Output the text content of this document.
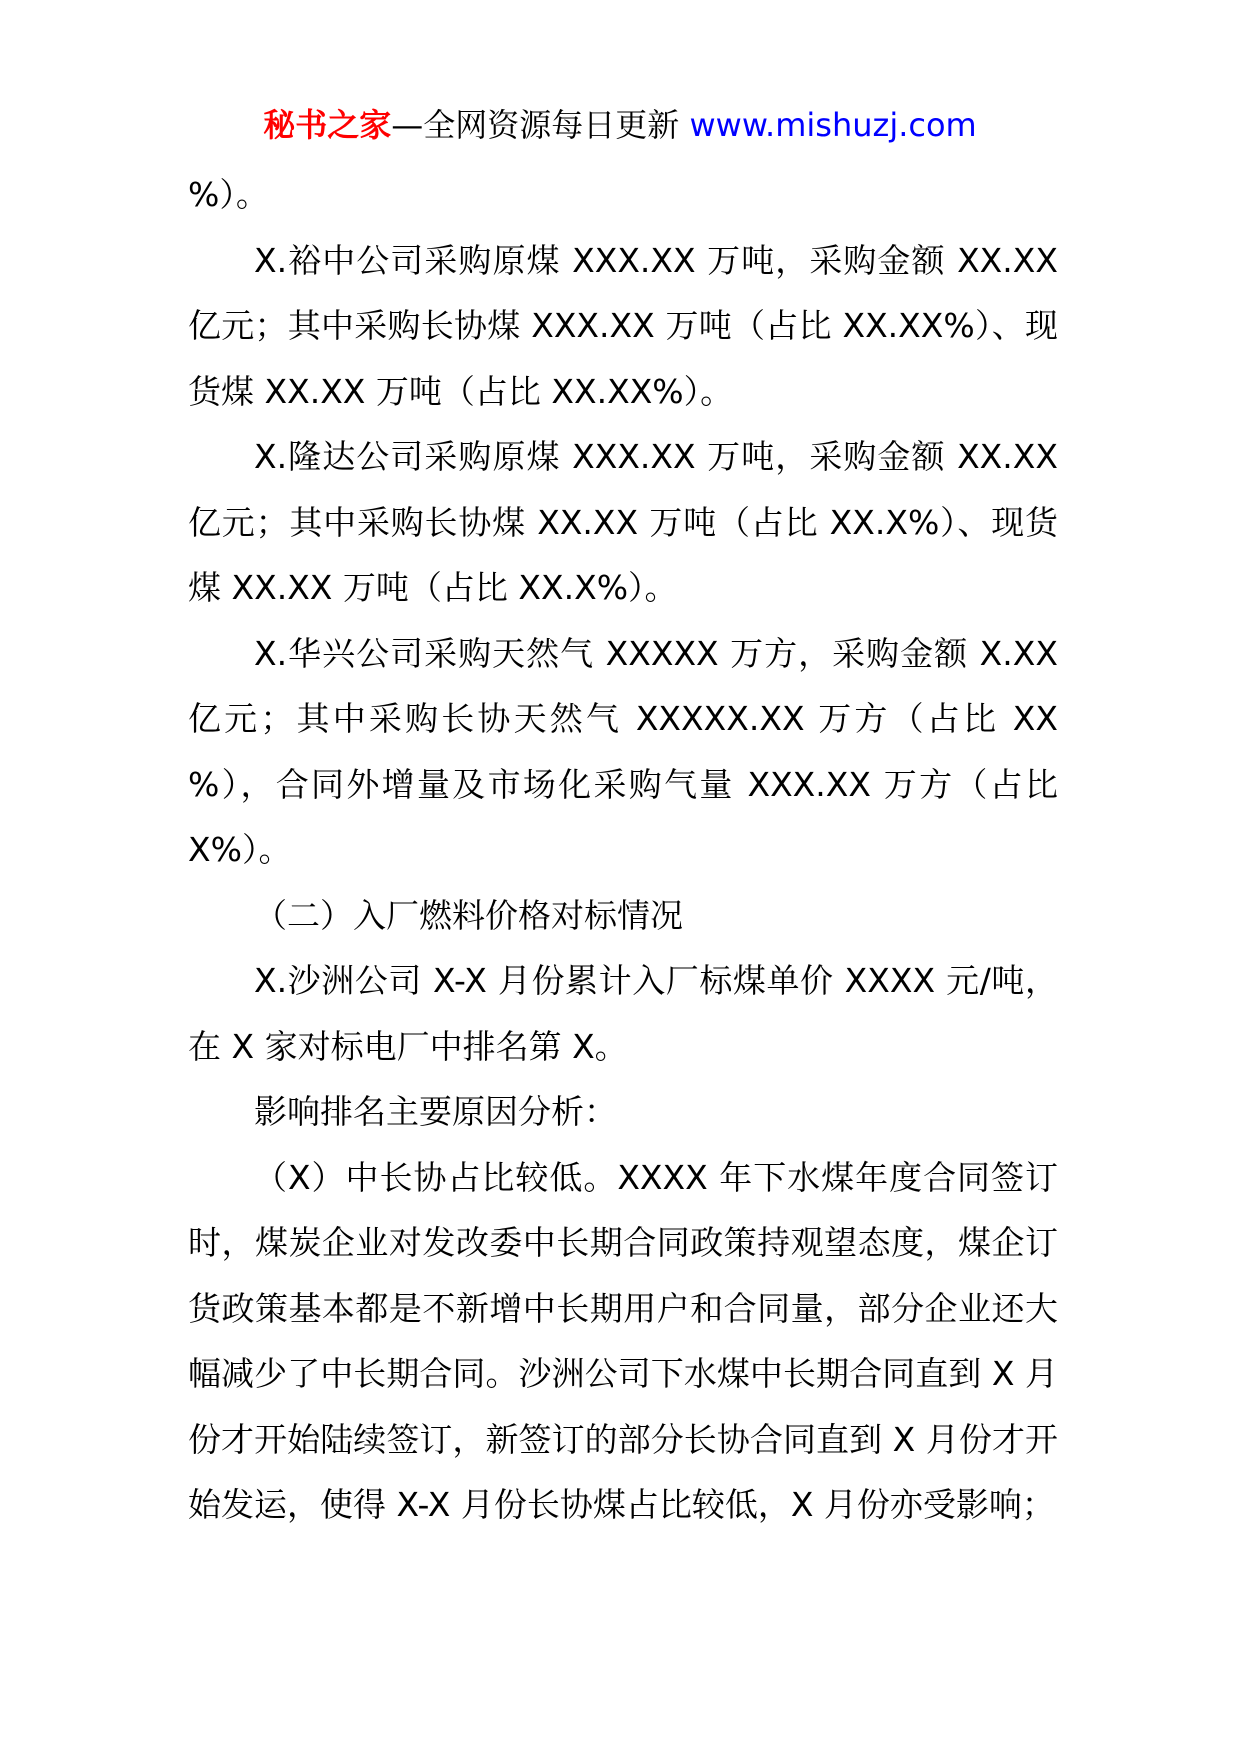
秘书之家—全网资源每日更新 www.mishuzj.com

%）。

X.裕中公司采购原煤 XXX.XX 万吨，采购金额 XX.XX 亿元；其中采购长协煤 XXX.XX 万吨（占比 XX.XX%）、现货煤 XX.XX 万吨（占比 XX.XX%）。

X.隆达公司采购原煤 XXX.XX 万吨，采购金额 XX.XX 亿元；其中采购长协煤 XX.XX 万吨（占比 XX.X%）、现货煤 XX.XX 万吨（占比 XX.X%）。

X.华兴公司采购天然气 XXXXX 万方，采购金额 X.XX 亿元；其中采购长协天然气 XXXXX.XX 万方（占比 XX %），合同外增量及市场化采购气量 XXX.XX 万方（占比 X%）。

（二）入厂燃料价格对标情况

X.沙洲公司 X-X 月份累计入厂标煤单价 XXXX 元/吨，在 X 家对标电厂中排名第 X。

影响排名主要原因分析：

（X）中长协占比较低。XXXX 年下水煤年度合同签订时，煤炭企业对发改委中长期合同政策持观望态度，煤企订货政策基本都是不新增中长期用户和合同量，部分企业还大幅减少了中长期合同。沙洲公司下水煤中长期合同直到 X 月份才开始陆续签订，新签订的部分长协合同直到 X 月份才开始发运，使得 X-X 月份长协煤占比较低，X 月份亦受影响；
